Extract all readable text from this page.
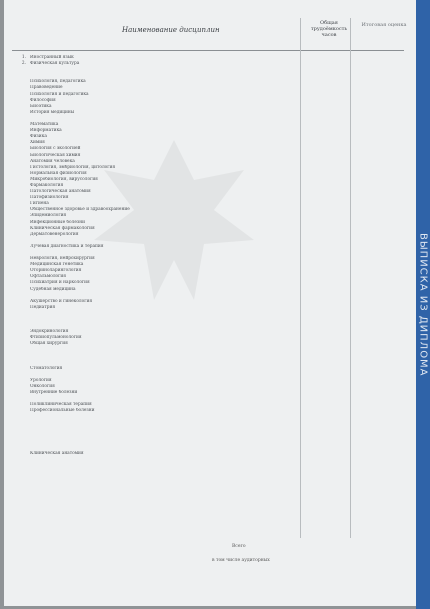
Наименование дисциплин
Общая трудоёмкость часов
Итоговая оценка
1. Иностранный язык
2. Физическая культура
Психология, педагогика
Правоведение
Психология и педагогика
Философия
Биоэтика
История медицины
Математика
Информатика
Физика
Химия
Биология с экологией
Биологическая химия
Анатомия человека
Гистология, эмбриология, цитология
Нормальная физиология
Микробиология, вирусология
Фармакология
Патологическая анатомия
Патофизиология
Гигиена
Общественное здоровье и здравоохранение
Эпидемиология
Инфекционные болезни
Клиническая фармакология
Дерматовенерология
Лучевая диагностика и терапия
Неврология, нейрохирургия
Медицинская генетика
Оториноларингология
Офтальмология
Психиатрия и наркология
Судебная медицина
Акушерство и гинекология
Педиатрия
Эндокринология
Фтизиопульмонология
Общая хирургия
Стоматология
Урология
Онкология
Внутренние болезни
Поликлиническая терапия
Профессиональные болезни
Клиническая анатомия
Всего
в том числе аудиторных
ВЫПИСКА ИЗ ДИПЛОМА
